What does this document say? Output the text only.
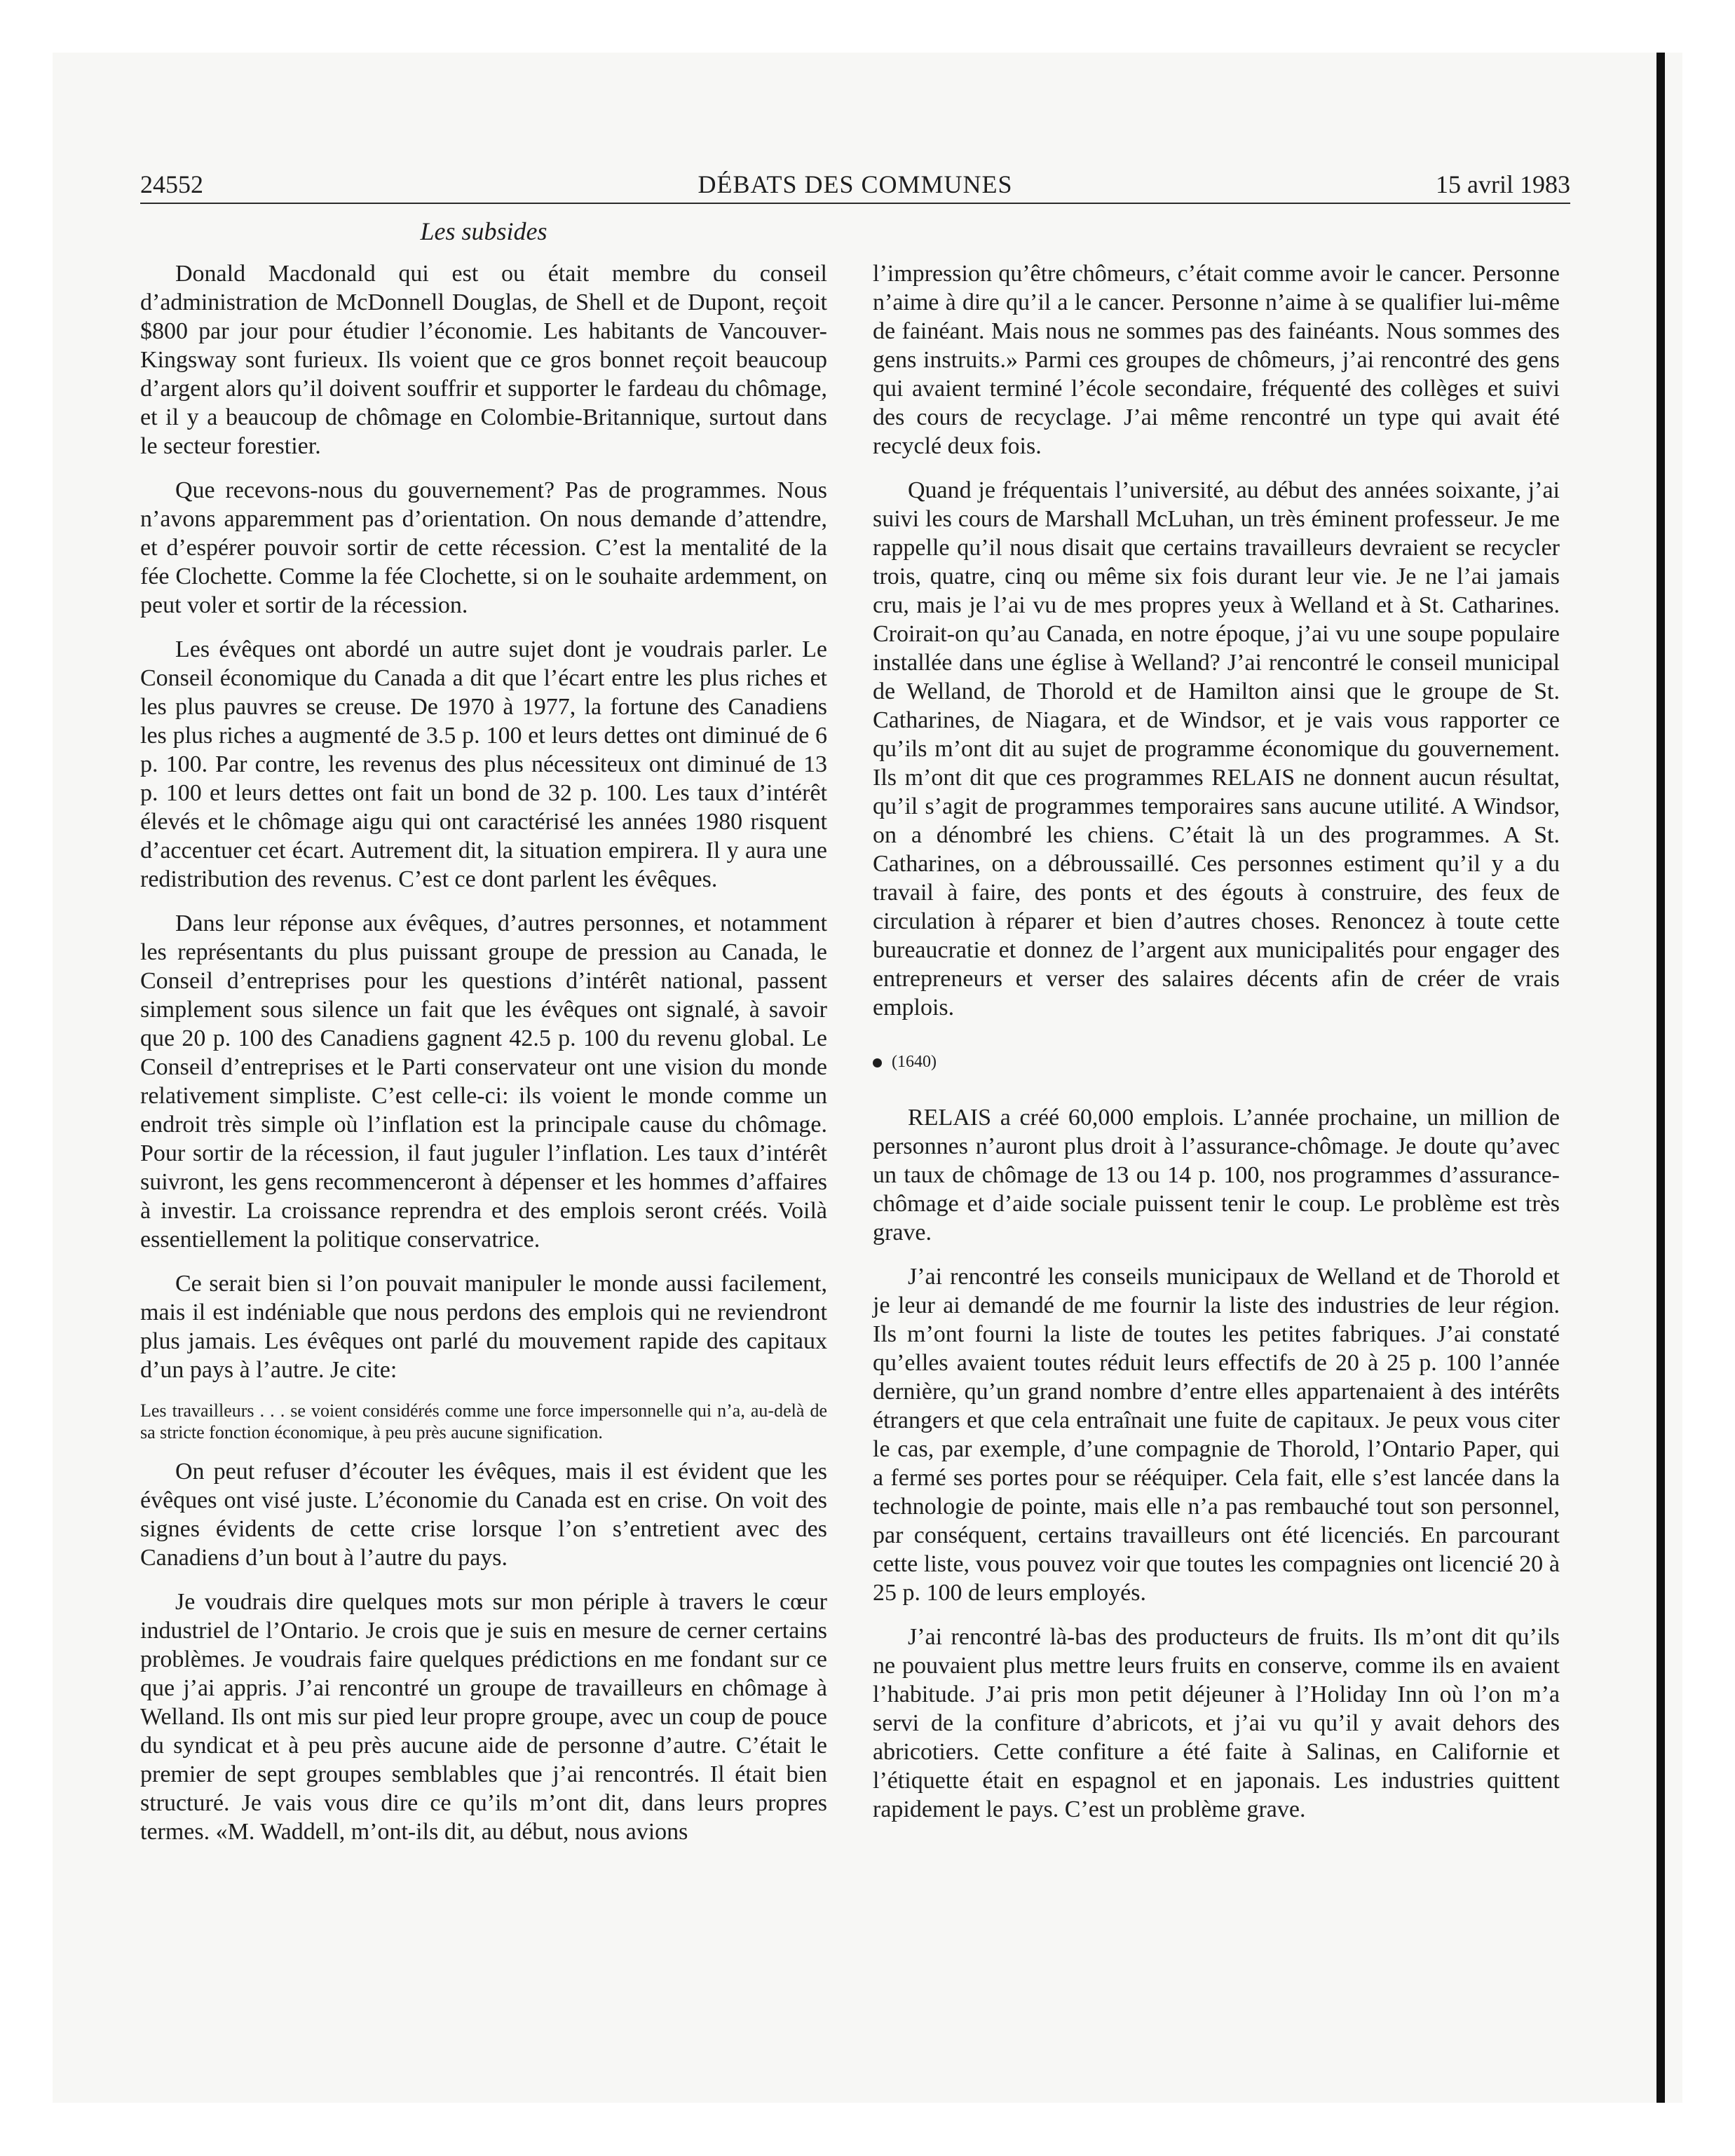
24552	DÉBATS DES COMMUNES	15 avril 1983
Les subsides

Donald Macdonald qui est ou était membre du conseil d’administration de McDonnell Douglas, de Shell et de Dupont, reçoit $800 par jour pour étudier l’économie. Les habitants de Vancouver-Kingsway sont furieux. Ils voient que ce gros bonnet reçoit beaucoup d’argent alors qu’il doivent souffrir et supporter le fardeau du chômage, et il y a beaucoup de chômage en Colombie-Britannique, surtout dans le secteur forestier.

Que recevons-nous du gouvernement? Pas de programmes. Nous n’avons apparemment pas d’orientation. On nous demande d’attendre, et d’espérer pouvoir sortir de cette récession. C’est la mentalité de la fée Clochette. Comme la fée Clochette, si on le souhaite ardemment, on peut voler et sortir de la récession.

Les évêques ont abordé un autre sujet dont je voudrais parler. Le Conseil économique du Canada a dit que l’écart entre les plus riches et les plus pauvres se creuse. De 1970 à 1977, la fortune des Canadiens les plus riches a augmenté de 3.5 p. 100 et leurs dettes ont diminué de 6 p. 100. Par contre, les revenus des plus nécessiteux ont diminué de 13 p. 100 et leurs dettes ont fait un bond de 32 p. 100. Les taux d’intérêt élevés et le chômage aigu qui ont caractérisé les années 1980 risquent d’accentuer cet écart. Autrement dit, la situation empirera. Il y aura une redistribution des revenus. C’est ce dont parlent les évêques.

Dans leur réponse aux évêques, d’autres personnes, et notamment les représentants du plus puissant groupe de pression au Canada, le Conseil d’entreprises pour les questions d’intérêt national, passent simplement sous silence un fait que les évêques ont signalé, à savoir que 20 p. 100 des Canadiens gagnent 42.5 p. 100 du revenu global. Le Conseil d’entreprises et le Parti conservateur ont une vision du monde relativement simpliste. C’est celle-ci: ils voient le monde comme un endroit très simple où l’inflation est la principale cause du chômage. Pour sortir de la récession, il faut juguler l’inflation. Les taux d’intérêt suivront, les gens recommenceront à dépenser et les hommes d’affaires à investir. La croissance reprendra et des emplois seront créés. Voilà essentiellement la politique conservatrice.

Ce serait bien si l’on pouvait manipuler le monde aussi facilement, mais il est indéniable que nous perdons des emplois qui ne reviendront plus jamais. Les évêques ont parlé du mouvement rapide des capitaux d’un pays à l’autre. Je cite:

Les travailleurs . . . se voient considérés comme une force impersonnelle qui n’a, au-delà de sa stricte fonction économique, à peu près aucune signification.

On peut refuser d’écouter les évêques, mais il est évident que les évêques ont visé juste. L’économie du Canada est en crise. On voit des signes évidents de cette crise lorsque l’on s’entretient avec des Canadiens d’un bout à l’autre du pays.

Je voudrais dire quelques mots sur mon périple à travers le cœur industriel de l’Ontario. Je crois que je suis en mesure de cerner certains problèmes. Je voudrais faire quelques prédictions en me fondant sur ce que j’ai appris. J’ai rencontré un groupe de travailleurs en chômage à Welland. Ils ont mis sur pied leur propre groupe, avec un coup de pouce du syndicat et à peu près aucune aide de personne d’autre. C’était le premier de sept groupes semblables que j’ai rencontrés. Il était bien structuré. Je vais vous dire ce qu’ils m’ont dit, dans leurs propres termes. «M. Waddell, m’ont-ils dit, au début, nous avions

l’impression qu’être chômeurs, c’était comme avoir le cancer. Personne n’aime à dire qu’il a le cancer. Personne n’aime à se qualifier lui-même de fainéant. Mais nous ne sommes pas des fainéants. Nous sommes des gens instruits.» Parmi ces groupes de chômeurs, j’ai rencontré des gens qui avaient terminé l’école secondaire, fréquenté des collèges et suivi des cours de recyclage. J’ai même rencontré un type qui avait été recyclé deux fois.

Quand je fréquentais l’université, au début des années soixante, j’ai suivi les cours de Marshall McLuhan, un très éminent professeur. Je me rappelle qu’il nous disait que certains travailleurs devraient se recycler trois, quatre, cinq ou même six fois durant leur vie. Je ne l’ai jamais cru, mais je l’ai vu de mes propres yeux à Welland et à St. Catharines. Croirait-on qu’au Canada, en notre époque, j’ai vu une soupe populaire installée dans une église à Welland? J’ai rencontré le conseil municipal de Welland, de Thorold et de Hamilton ainsi que le groupe de St. Catharines, de Niagara, et de Windsor, et je vais vous rapporter ce qu’ils m’ont dit au sujet de programme économique du gouvernement. Ils m’ont dit que ces programmes RELAIS ne donnent aucun résultat, qu’il s’agit de programmes temporaires sans aucune utilité. A Windsor, on a dénombré les chiens. C’était là un des programmes. A St. Catharines, on a débroussaillé. Ces personnes estiment qu’il y a du travail à faire, des ponts et des égouts à construire, des feux de circulation à réparer et bien d’autres choses. Renoncez à toute cette bureaucratie et donnez de l’argent aux municipalités pour engager des entrepreneurs et verser des salaires décents afin de créer de vrais emplois.

(1640)

RELAIS a créé 60,000 emplois. L’année prochaine, un million de personnes n’auront plus droit à l’assurance-chômage. Je doute qu’avec un taux de chômage de 13 ou 14 p. 100, nos programmes d’assurance-chômage et d’aide sociale puissent tenir le coup. Le problème est très grave.

J’ai rencontré les conseils municipaux de Welland et de Thorold et je leur ai demandé de me fournir la liste des industries de leur région. Ils m’ont fourni la liste de toutes les petites fabriques. J’ai constaté qu’elles avaient toutes réduit leurs effectifs de 20 à 25 p. 100 l’année dernière, qu’un grand nombre d’entre elles appartenaient à des intérêts étrangers et que cela entraînait une fuite de capitaux. Je peux vous citer le cas, par exemple, d’une compagnie de Thorold, l’Ontario Paper, qui a fermé ses portes pour se rééquiper. Cela fait, elle s’est lancée dans la technologie de pointe, mais elle n’a pas rembauché tout son personnel, par conséquent, certains travailleurs ont été licenciés. En parcourant cette liste, vous pouvez voir que toutes les compagnies ont licencié 20 à 25 p. 100 de leurs employés.

J’ai rencontré là-bas des producteurs de fruits. Ils m’ont dit qu’ils ne pouvaient plus mettre leurs fruits en conserve, comme ils en avaient l’habitude. J’ai pris mon petit déjeuner à l’Holiday Inn où l’on m’a servi de la confiture d’abricots, et j’ai vu qu’il y avait dehors des abricotiers. Cette confiture a été faite à Salinas, en Californie et l’étiquette était en espagnol et en japonais. Les industries quittent rapidement le pays. C’est un problème grave.
